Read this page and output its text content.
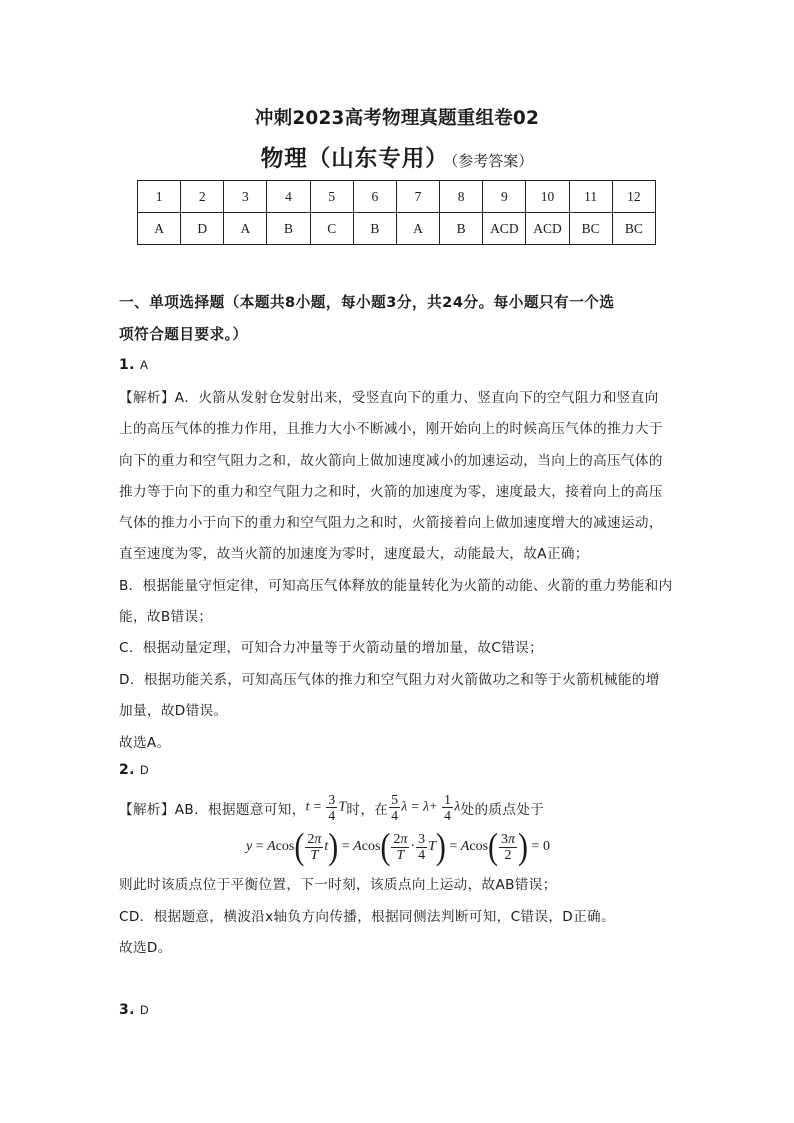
冲刺2023高考物理真题重组卷02
物理（山东专用） （参考答案）
1	2	3	4	5	6	7	8	9	10	11	12
A	D	A	B	C	B	A	B	ACD	ACD	BC	BC
一、单项选择题（本题共8小题，每小题3分，共24分。每小题只有一个选
项符合题目要求。）
1. A
【解析】A．火箭从发射仓发射出来，受竖直向下的重力、竖直向下的空气阻力和竖直向
上的高压气体的推力作用，且推力大小不断减小，刚开始向上的时候高压气体的推力大于
向下的重力和空气阻力之和，故火箭向上做加速度减小的加速运动，当向上的高压气体的
推力等于向下的重力和空气阻力之和时，火箭的加速度为零，速度最大，接着向上的高压
气体的推力小于向下的重力和空气阻力之和时，火箭接着向上做加速度增大的减速运动，
直至速度为零，故当火箭的加速度为零时，速度最大，动能最大，故A正确；
B．根据能量守恒定律，可知高压气体释放的能量转化为火箭的动能、火箭的重力势能和内
能，故B错误；
C．根据动量定理，可知合力冲量等于火箭动量的增加量，故C错误；
D．根据功能关系，可知高压气体的推力和空气阻力对火箭做功之和等于火箭机械能的增
加量，故D错误。
故选A。
2. D
【解析】AB．根据题意可知， $t = \frac{3}{4}$ T 时，在 $\frac{5}{4}$ $\lambda = \lambda+ \frac{1}{4}$ λ 处的质点处于
则此时该质点位于平衡位置，下一时刻，该质点向上运动，故AB错误；
CD．根据题意，横波沿x轴负方向传播，根据同侧法判断可知，C错误，D正确。
故选D。
3. D
y = A cos ( $\frac{2\pi}{T}$ t ) = A cos ( $\frac{2\pi}{T} \cdot \frac{3}{4}$ T ) = A cos ( $\frac{3\pi}{2}$ ) = 0
